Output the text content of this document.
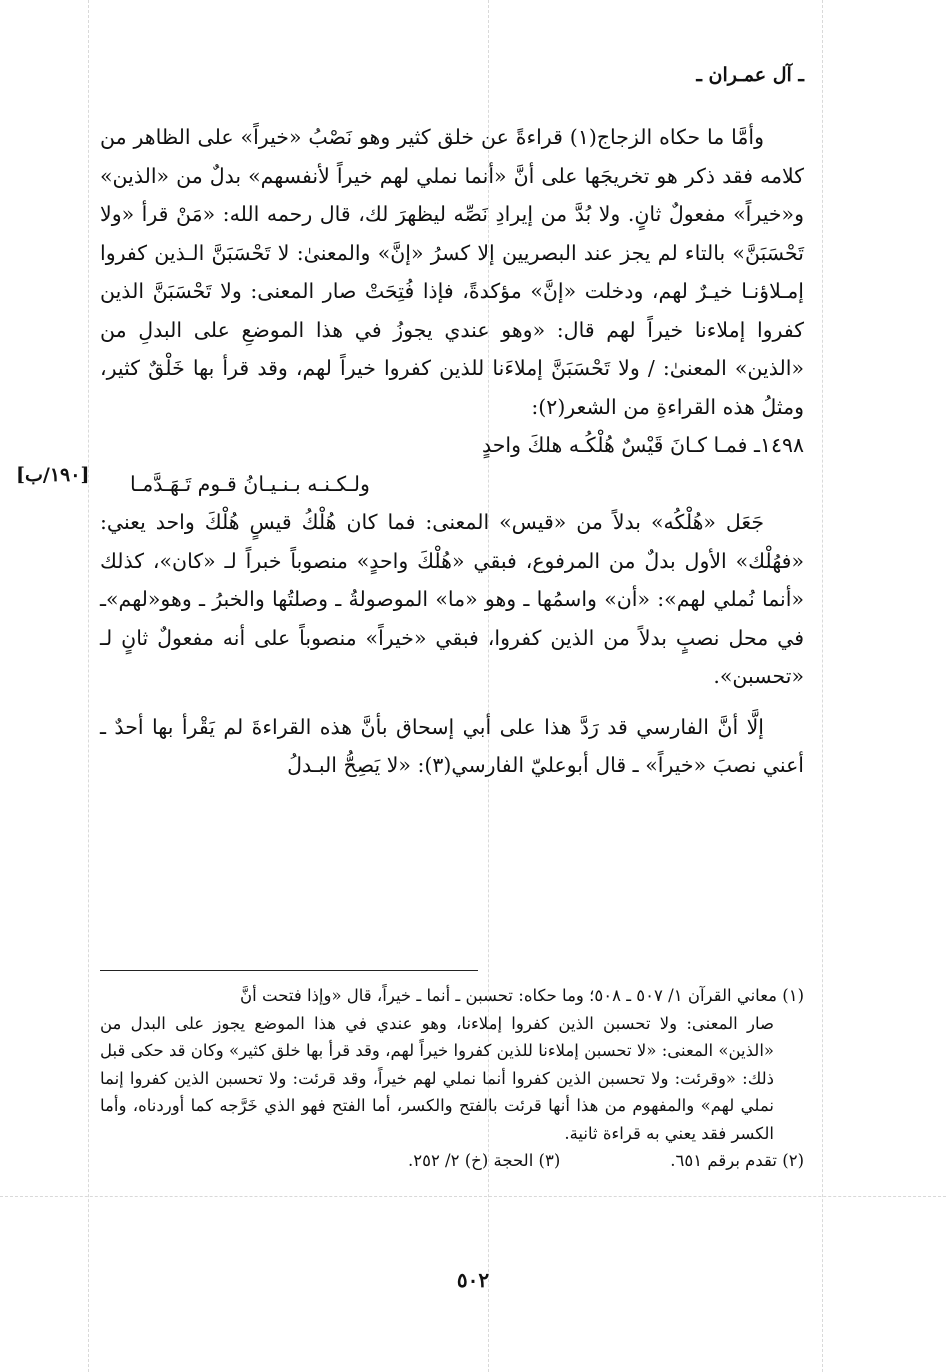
ـ آل عمـران ـ
[١٩٠/ب]

وأمَّا ما حكاه الزجاج(١) قراءةً عن خلق كثير وهو نَصْبُ «خيراً» على الظاهر من كلامه فقد ذكر هو تخريجَها على أنَّ «أنما نملي لهم خيراً لأنفسهم» بدلٌ من «الذين» و«خيراً» مفعولٌ ثانٍ. ولا بُدَّ من إيرادِ نَصِّه ليظهرَ لك، قال رحمه الله: «مَنْ قرأ «ولا تَحْسَبَنَّ» بالتاء لم يجز عند البصريين إلا كسرُ «إنَّ» والمعنىٰ: لا تَحْسَبَنَّ الـذين كفروا إمـلاؤنـا خيـرٌ لهم، ودخلت «إنَّ» مؤكدةً، فإذا فُتِحَتْ صار المعنى: ولا تَحْسَبَنَّ الذين كفروا إملاءنا خيراً لهم قال: «وهو عندي يجوزُ في هذا الموضعِ على البدلِ من «الذين» المعنىٰ: / ولا تَحْسَبَنَّ إملاءَنا للذين كفروا خيراً لهم، وقد قرأ بها خَلْقٌ كثير، ومثلُ هذه القراءةِ من الشعر(٢):

١٤٩٨ـ فمـا كـانَ قَيْسٌ هُلْكُـه هلكَ واحدٍ
ولـكـنـه بـنـيـانُ قـوم تَـهَـدَّمـا

جَعَل «هُلْكُه» بدلاً من «قيس» المعنى: فما كان هُلْكُ قيسٍ هُلْكَ واحد يعني: «فهُلْك» الأول بدلٌ من المرفوع، فبقي «هُلْكَ واحدٍ» منصوباً خبراً لـ «كان»، كذلك «أنما نُملي لهم»: «أن» واسمُها ـ وهو «ما» الموصولةُ ـ وصلتُها والخبرُ ـ وهو«لهم»ـ في محل نصبٍ بدلاً من الذين كفروا، فبقي «خيراً» منصوباً على أنه مفعولٌ ثانٍ لـ «تحسبن».

إلَّا أنَّ الفارسي قد رَدَّ هذا على أبي إسحاق بأنَّ هذه القراءةَ لم يَقْرأ بها أحدٌ ـ أعني نصبَ «خيراً» ـ قال أبوعليّ الفارسي(٣): «لا يَصِحُّ البـدلُ

(١) معاني القرآن ١/ ٥٠٧ ـ ٥٠٨؛ وما حكاه: تحسبن ـ أنما ـ خيراً، قال «وإذا فتحت أنَّ

صار المعنى: ولا تحسبن الذين كفروا إملاءنا، وهو عندي في هذا الموضع يجوز على البدل من «الذين» المعنى: «لا تحسبن إملاءنا للذين كفروا خيراً لهم، وقد قرأ بها خلق كثير» وكان قد حكى قبل ذلك: «وقرئت: ولا تحسبن الذين كفروا أنما نملي لهم خيراً، وقد قرئت: ولا تحسبن الذين كفروا إنما نملي لهم» والمفهوم من هذا أنها قرئت بالفتح والكسر، أما الفتح فهو الذي خَرَّجه كما أوردناه، وأما الكسر فقد يعني به قراءة ثانية.

(٢) تقدم برقم ٦٥١.
(٣) الحجة (خ) ٢/ ٢٥٢.
٥٠٢
